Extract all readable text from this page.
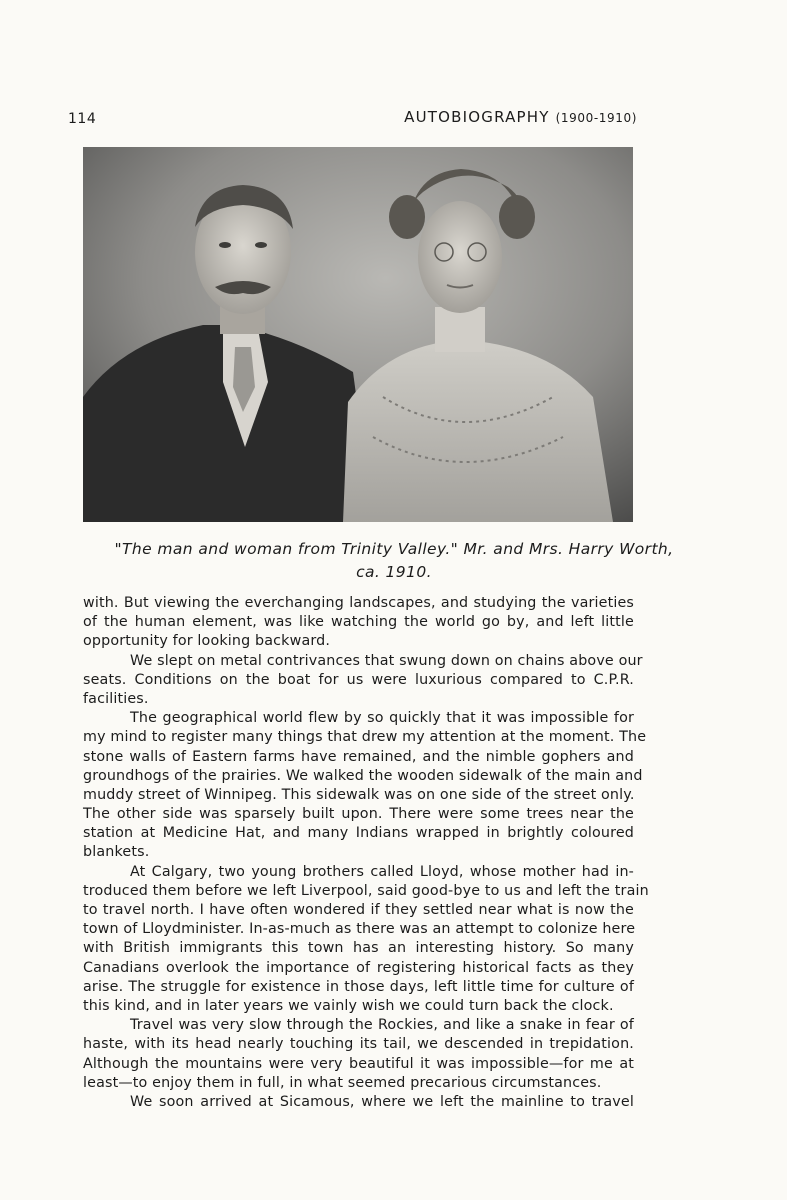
114	AUTOBIOGRAPHY (1900-1910)
"The man and woman from Trinity Valley." Mr. and Mrs. Harry Worth,
ca. 1910.
with. But viewing the everchanging landscapes, and studying the varieties
of the human element, was like watching the world go by, and left little
opportunity for looking backward.
We slept on metal contrivances that swung down on chains above our
seats. Conditions on the boat for us were luxurious compared to C.P.R.
facilities.
The geographical world flew by so quickly that it was impossible for
my mind to register many things that drew my attention at the moment. The
stone walls of Eastern farms have remained, and the nimble gophers and
groundhogs of the prairies. We walked the wooden sidewalk of the main and
muddy street of Winnipeg. This sidewalk was on one side of the street only.
The other side was sparsely built upon. There were some trees near the
station at Medicine Hat, and many Indians wrapped in brightly coloured
blankets.
At Calgary, two young brothers called Lloyd, whose mother had in-
troduced them before we left Liverpool, said good-bye to us and left the train
to travel north. I have often wondered if they settled near what is now the
town of Lloydminister. In-as-much as there was an attempt to colonize here
with British immigrants this town has an interesting history. So many
Canadians overlook the importance of registering historical facts as they
arise. The struggle for existence in those days, left little time for culture of
this kind, and in later years we vainly wish we could turn back the clock.
Travel was very slow through the Rockies, and like a snake in fear of
haste, with its head nearly touching its tail, we descended in trepidation.
Although the mountains were very beautiful it was impossible—for me at
least—to enjoy them in full, in what seemed precarious circumstances.
We soon arrived at Sicamous, where we left the mainline to travel
